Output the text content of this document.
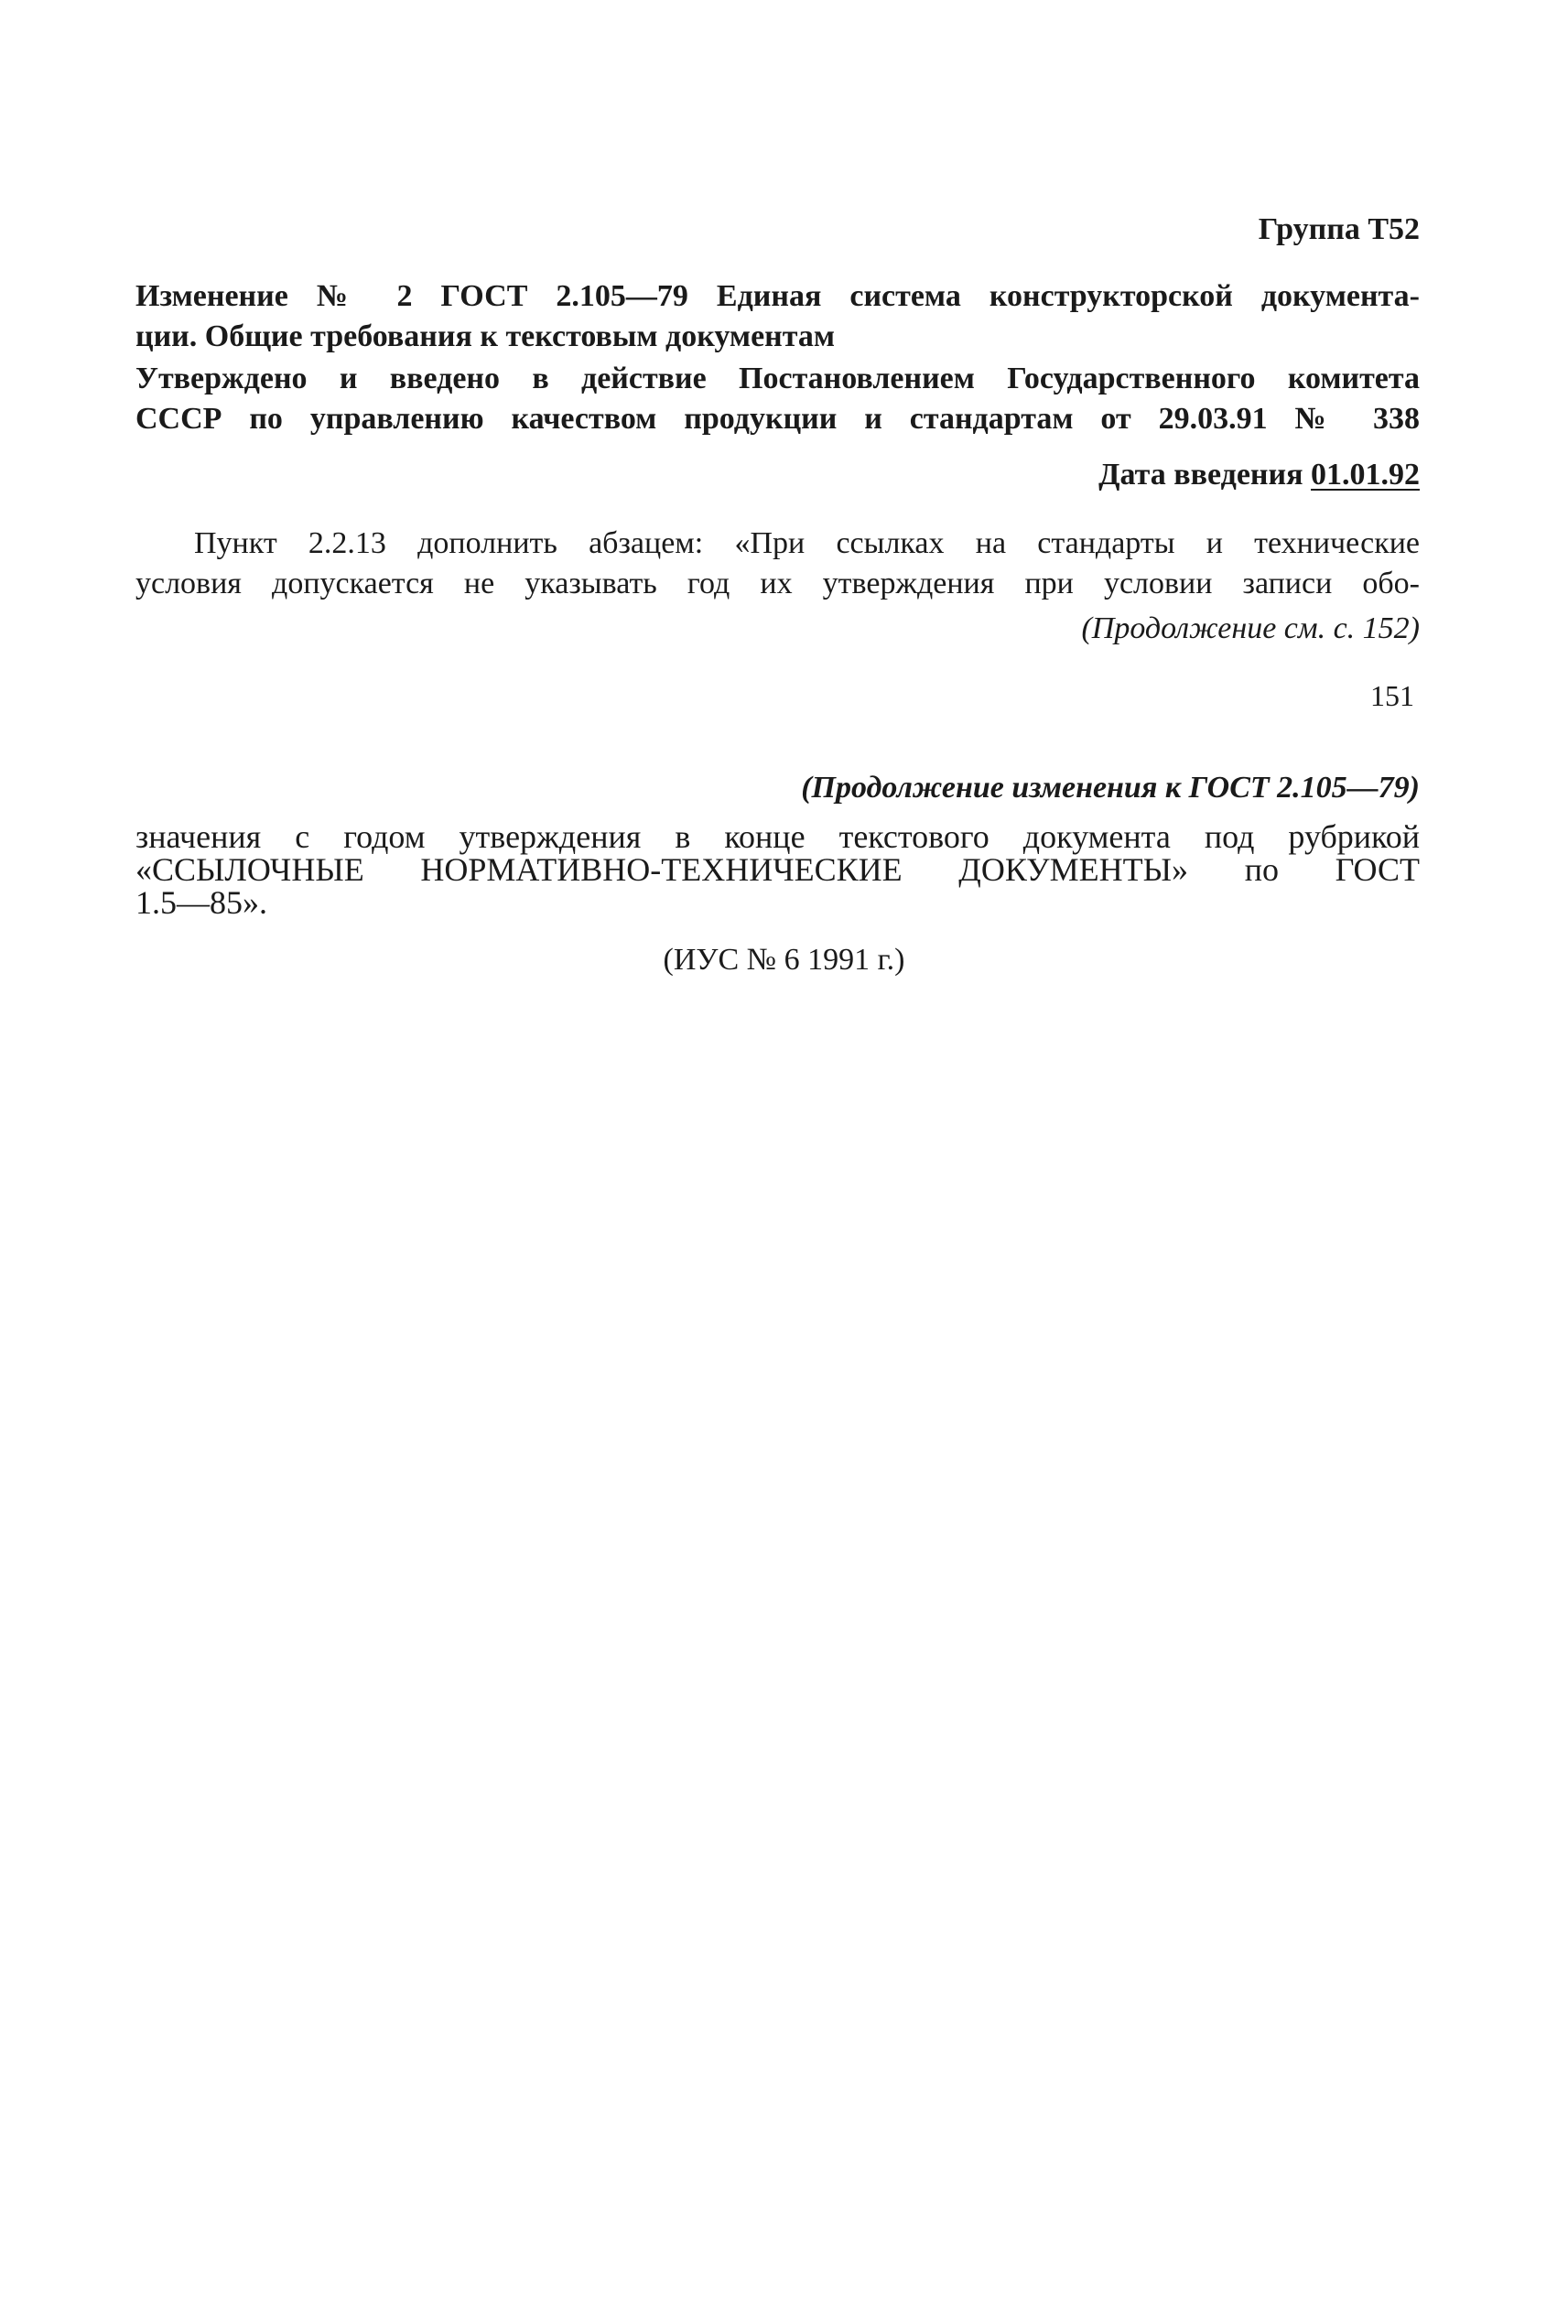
Группа Т52

Изменение № 2 ГОСТ 2.105—79 Единая система конструкторской документа-
ции. Общие требования к текстовым документам
Утверждено и введено в действие Постановлением Государственного комитета
СССР по управлению качеством продукции и стандартам от 29.03.91 № 338

Дата введения 01.01.92

Пункт 2.2.13 дополнить абзацем: «При ссылках на стандарты и технические
условия допускается не указывать год их утверждения при условии записи обо-

(Продолжение см. с. 152)

151

(Продолжение изменения к ГОСТ 2.105—79)

значения с годом утверждения в конце текстового документа под рубрикой
«ССЫЛОЧНЫЕ НОРМАТИВНО-ТЕХНИЧЕСКИЕ ДОКУМЕНТЫ» по ГОСТ
1.5—85».

(ИУС № 6 1991 г.)
